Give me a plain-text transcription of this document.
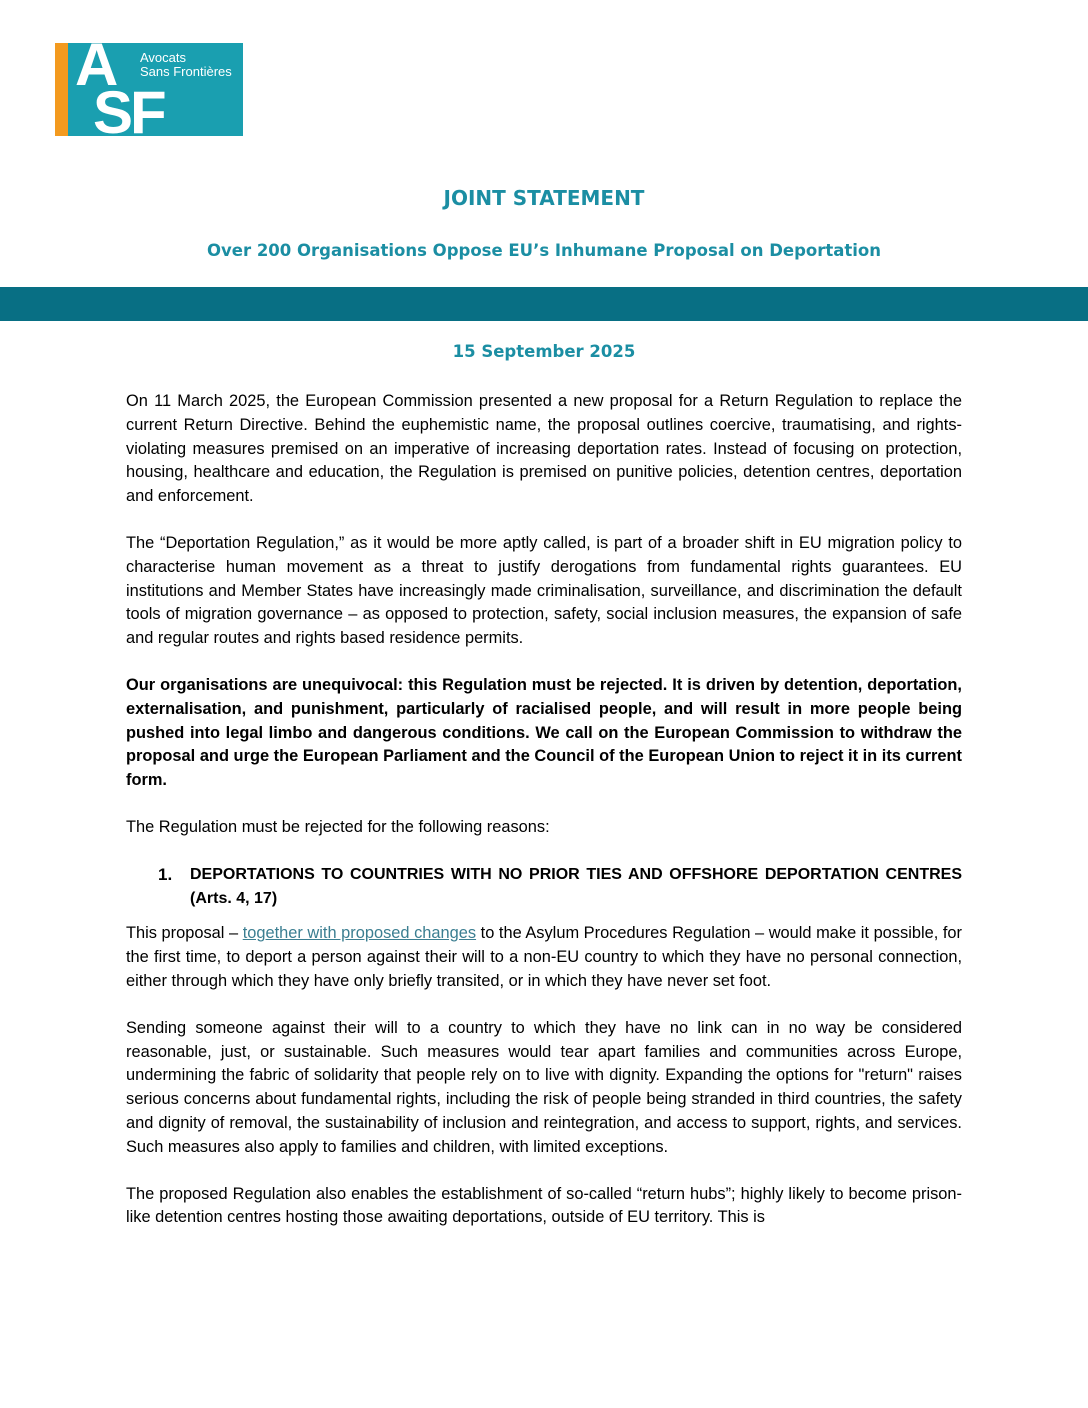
A
SF
Avocats
Sans Frontières
JOINT STATEMENT
Over 200 Organisations Oppose EU’s Inhumane Proposal on Deportation
15 September 2025

On 11 March 2025, the European Commission presented a new proposal for a Return Regulation to replace the current Return Directive. Behind the euphemistic name, the proposal outlines coercive, traumatising, and rights-violating measures premised on an imperative of increasing deportation rates. Instead of focusing on protection, housing, healthcare and education, the Regulation is premised on punitive policies, detention centres, deportation and enforcement.

The “Deportation Regulation,” as it would be more aptly called, is part of a broader shift in EU migration policy to characterise human movement as a threat to justify derogations from fundamental rights guarantees. EU institutions and Member States have increasingly made criminalisation, surveillance, and discrimination the default tools of migration governance – as opposed to protection, safety, social inclusion measures, the expansion of safe and regular routes and rights based residence permits.

Our organisations are unequivocal: this Regulation must be rejected. It is driven by detention, deportation, externalisation, and punishment, particularly of racialised people, and will result in more people being pushed into legal limbo and dangerous conditions. We call on the European Commission to withdraw the proposal and urge the European Parliament and the Council of the European Union to reject it in its current form.

The Regulation must be rejected for the following reasons:

1.	DEPORTATIONS TO COUNTRIES WITH NO PRIOR TIES AND OFFSHORE DEPORTATION CENTRES (Arts. 4, 17)

This proposal – together with proposed changes to the Asylum Procedures Regulation – would make it possible, for the first time, to deport a person against their will to a non-EU country to which they have no personal connection, either through which they have only briefly transited, or in which they have never set foot.

Sending someone against their will to a country to which they have no link can in no way be considered reasonable, just, or sustainable. Such measures would tear apart families and communities across Europe, undermining the fabric of solidarity that people rely on to live with dignity. Expanding the options for "return" raises serious concerns about fundamental rights, including the risk of people being stranded in third countries, the safety and dignity of removal, the sustainability of inclusion and reintegration, and access to support, rights, and services. Such measures also apply to families and children, with limited exceptions.

The proposed Regulation also enables the establishment of so-called “return hubs”; highly likely to become prison-like detention centres hosting those awaiting deportations, outside of EU territory. This is
